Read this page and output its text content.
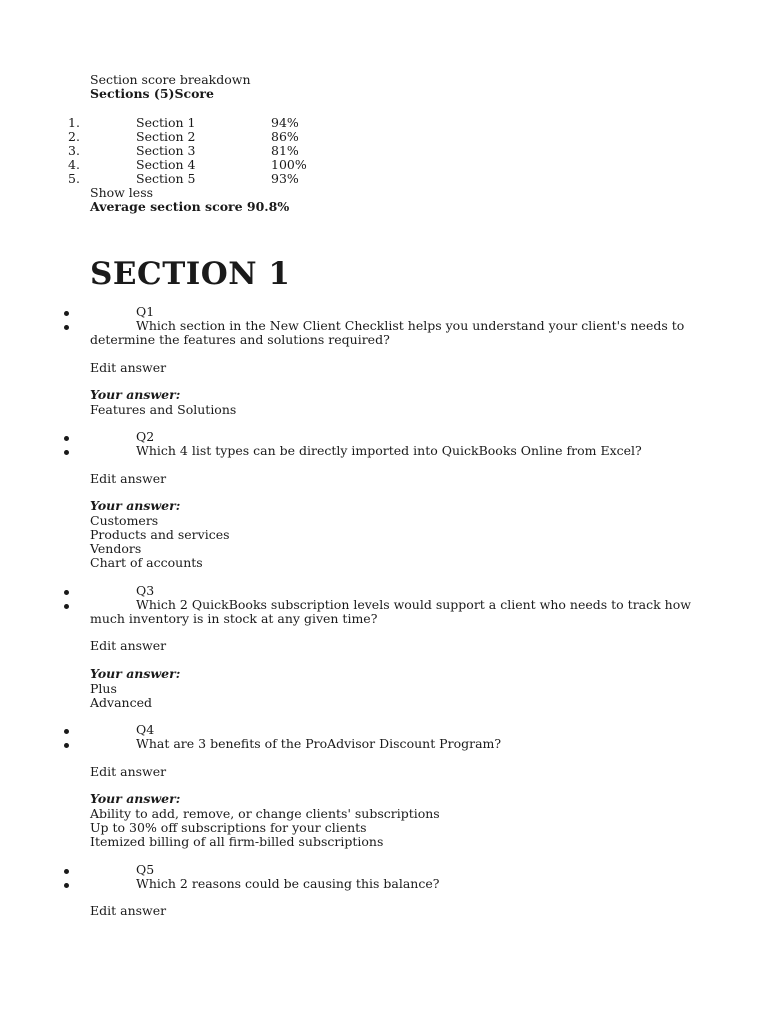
Section score breakdown
Sections (5)Score
1.	Section 1	94%
2.	Section 2	86%
3.	Section 3	81%
4.	Section 4	100%
5.	Section 5	93%
Show less
Average section score 90.8%
SECTION 1
Q1
Which section in the New Client Checklist helps you understand your client's needs to
determine the features and solutions required?
Edit answer
Your answer:
Features and Solutions
Q2
Which 4 list types can be directly imported into QuickBooks Online from Excel?
Edit answer
Your answer:
Customers
Products and services
Vendors
Chart of accounts
Q3
Which 2 QuickBooks subscription levels would support a client who needs to track how
much inventory is in stock at any given time?
Edit answer
Your answer:
Plus
Advanced
Q4
What are 3 benefits of the ProAdvisor Discount Program?
Edit answer
Your answer:
Ability to add, remove, or change clients' subscriptions
Up to 30% off subscriptions for your clients
Itemized billing of all firm-billed subscriptions
Q5
Which 2 reasons could be causing this balance?
Edit answer
